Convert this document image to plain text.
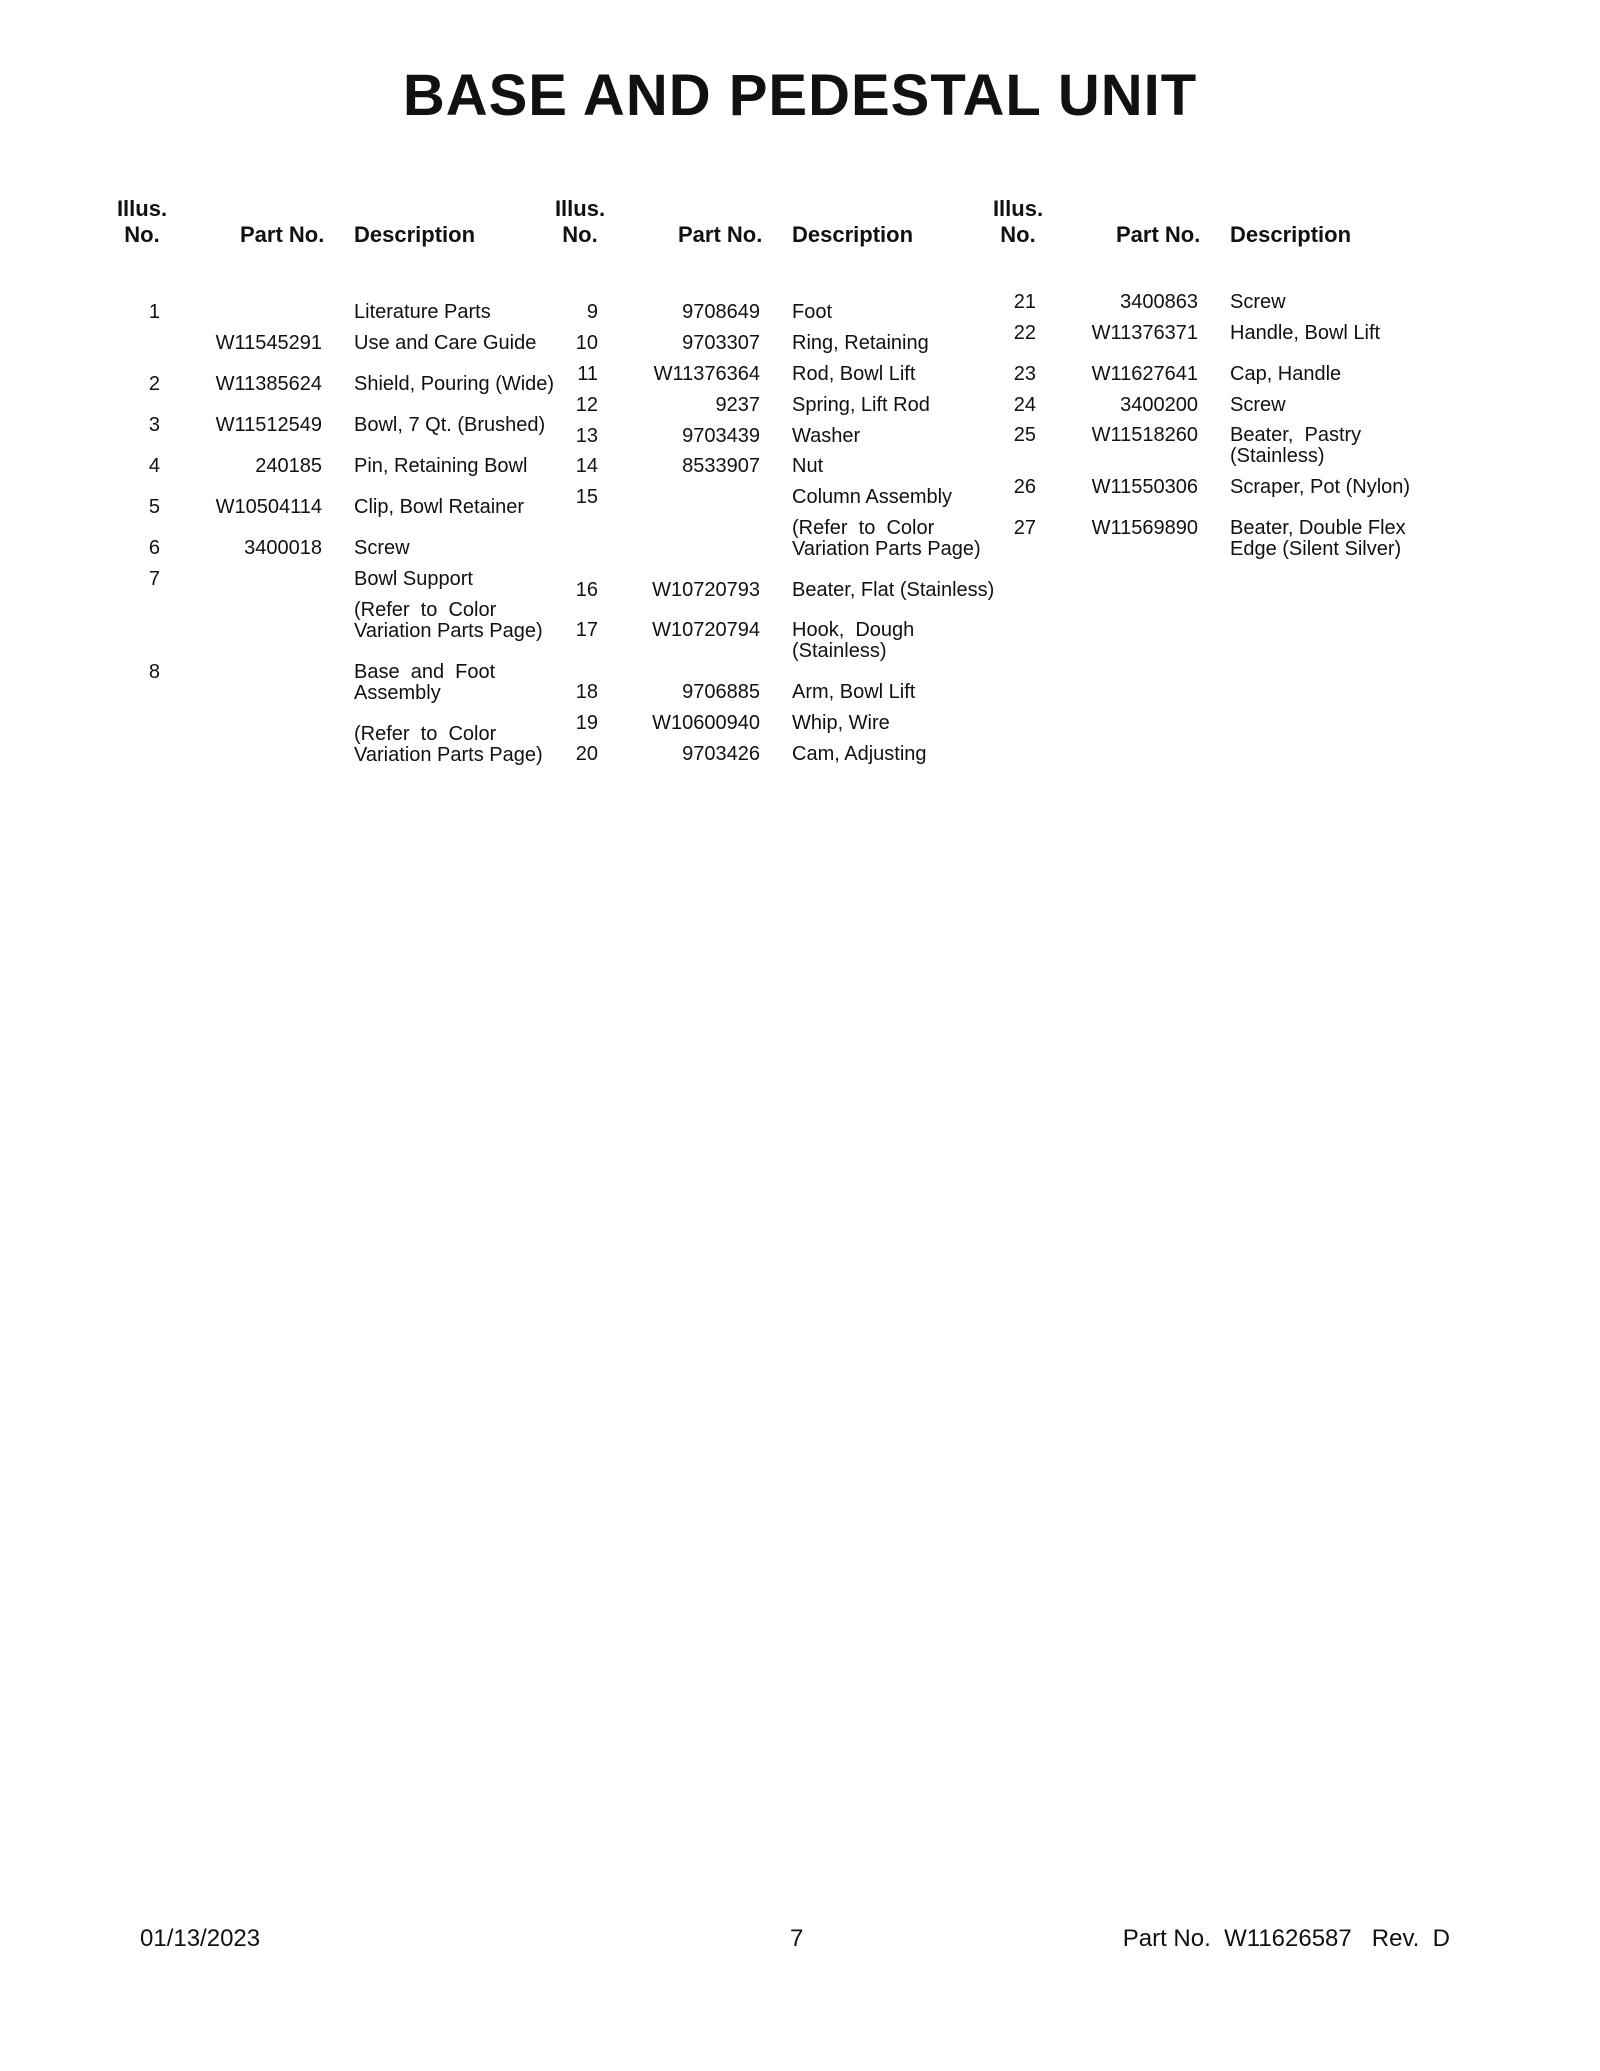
BASE AND PEDESTAL UNIT
Illus.
No.	Part No. Description
1	Literature Parts
W11545291 Use and Care Guide
2	W11385624 Shield, Pouring (Wide)
3	W11512549 Bowl, 7 Qt. (Brushed)
4	240185 Pin, Retaining Bowl
5	W10504114 Clip, Bowl Retainer
6	3400018 Screw
7	Bowl Support
(Refer  to  Color
Variation Parts Page)
8	Base  and  Foot
Assembly
(Refer  to  Color
Variation Parts Page)
Illus.
No.	Part No. Description
9	9708649 Foot
10	9703307 Ring, Retaining
11	W11376364 Rod, Bowl Lift
12	9237 Spring, Lift Rod
13	9703439 Washer
14	8533907 Nut
15	Column Assembly
(Refer  to  Color
Variation Parts Page)
16	W10720793 Beater, Flat (Stainless)
17	W10720794 Hook,  Dough
(Stainless)
18	9706885 Arm, Bowl Lift
19	W10600940 Whip, Wire
20	9703426 Cam, Adjusting
Illus.
No.	Part No. Description
21	3400863 Screw
22	W11376371 Handle, Bowl Lift
23	W11627641 Cap, Handle
24	3400200 Screw
25	W11518260 Beater,  Pastry
(Stainless)
26	W11550306 Scraper, Pot (Nylon)
27	W11569890 Beater, Double Flex
Edge (Silent Silver)
01/13/2023	7	Part No.  W11626587   Rev.  D
